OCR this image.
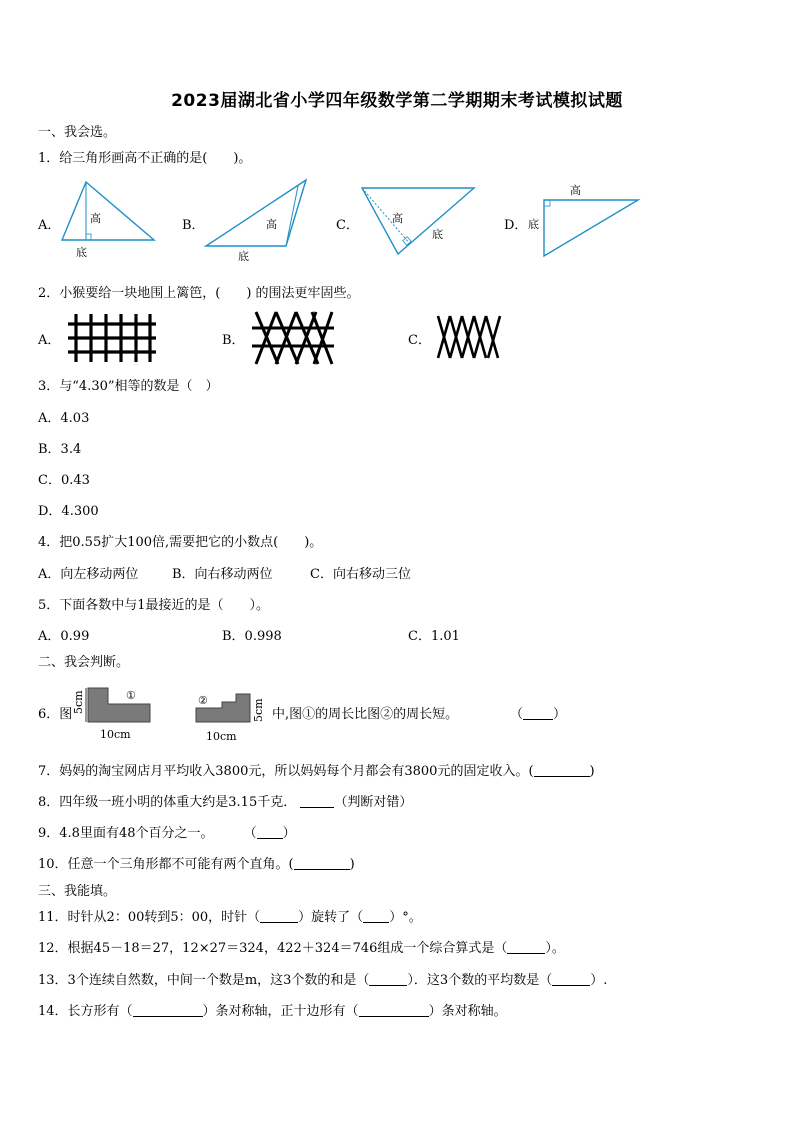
2023届湖北省小学四年级数学第二学期期末考试模拟试题
一、我会选。
1．给三角形画高不正确的是(　　)。
A．	高
底
B．	高
底
C．	高
底
D．
高
底
2．小猴要给一块地围上篱笆，(　　) 的围法更牢固些。
A．	B．	C．
3．与“4.30”相等的数是（　）
A．4.03
B．3.4
C．0.43
D．4.300
4．把0.55扩大100倍,需要把它的小数点(　　)。
A．向左移动两位	B．向右移动两位	C．向右移动三位
5．下面各数中与1最接近的是（　　）。
A．0.99	B．0.998	C．1.01
二、我会判断。
6．图
5cm	①
10cm
②	5cm
10cm
中,图①的周长比图②的周长短。	（ ）
7．妈妈的淘宝网店月平均收入3800元，所以妈妈每个月都会有3800元的固定收入。(	)
8．四年级一班小明的体重大约是3.15千克．	（判断对错）
9．4.8里面有48个百分之一。 （ ）
10．任意一个三角形都不可能有两个直角。(	)
三、我能填。
11．时针从2：00转到5：00，时针（	）旋转了（ ）°。
12．根据45－18＝27，12×27＝324，422＋324＝746组成一个综合算式是（	）。
13．3个连续自然数，中间一个数是m，这3个数的和是（	）．这3个数的平均数是（	）.
14．长方形有（	）条对称轴，正十边形有（	）条对称轴。
